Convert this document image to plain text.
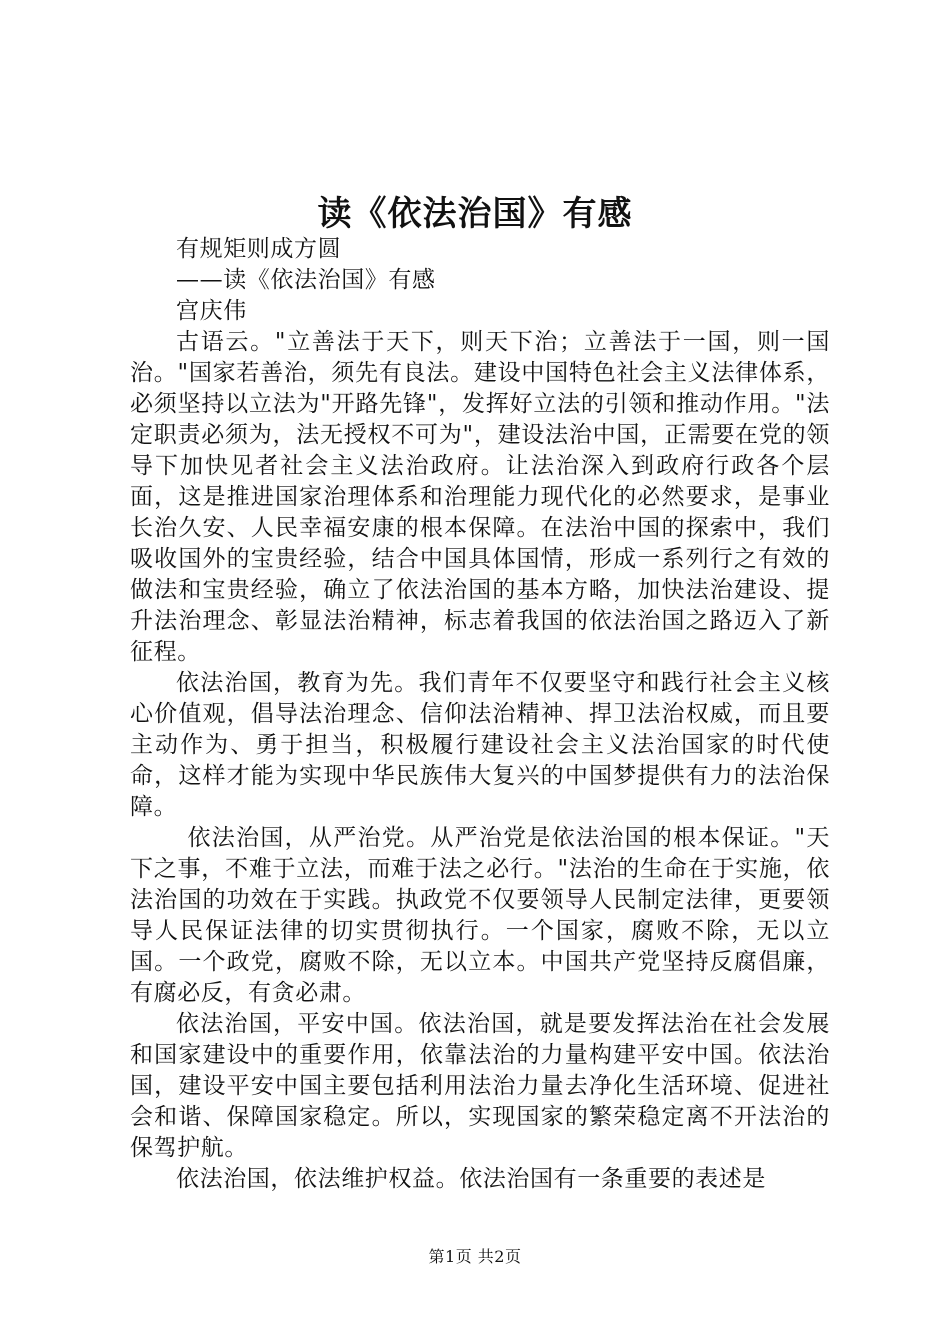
读《依法治国》有感

有规矩则成方圆

——读《依法治国》有感

宫庆伟

古语云。"立善法于天下，则天下治；立善法于一国，则一国治。"国家若善治，须先有良法。建设中国特色社会主义法律体系，必须坚持以立法为"开路先锋"，发挥好立法的引领和推动作用。"法定职责必须为，法无授权不可为"，建设法治中国，正需要在党的领导下加快见者社会主义法治政府。让法治深入到政府行政各个层面，这是推进国家治理体系和治理能力现代化的必然要求，是事业长治久安、人民幸福安康的根本保障。在法治中国的探索中，我们吸收国外的宝贵经验，结合中国具体国情，形成一系列行之有效的做法和宝贵经验，确立了依法治国的基本方略，加快法治建设、提升法治理念、彰显法治精神，标志着我国的依法治国之路迈入了新征程。

依法治国，教育为先。我们青年不仅要坚守和践行社会主义核心价值观，倡导法治理念、信仰法治精神、捍卫法治权威，而且要主动作为、勇于担当，积极履行建设社会主义法治国家的时代使命，这样才能为实现中华民族伟大复兴的中国梦提供有力的法治保障。

依法治国，从严治党。从严治党是依法治国的根本保证。"天下之事，不难于立法，而难于法之必行。"法治的生命在于实施，依法治国的功效在于实践。执政党不仅要领导人民制定法律，更要领导人民保证法律的切实贯彻执行。一个国家，腐败不除，无以立国。一个政党，腐败不除，无以立本。中国共产党坚持反腐倡廉，有腐必反，有贪必肃。

依法治国，平安中国。依法治国，就是要发挥法治在社会发展和国家建设中的重要作用，依靠法治的力量构建平安中国。依法治国，建设平安中国主要包括利用法治力量去净化生活环境、促进社会和谐、保障国家稳定。所以，实现国家的繁荣稳定离不开法治的保驾护航。

依法治国，依法维护权益。依法治国有一条重要的表述是

第1页 共2页
